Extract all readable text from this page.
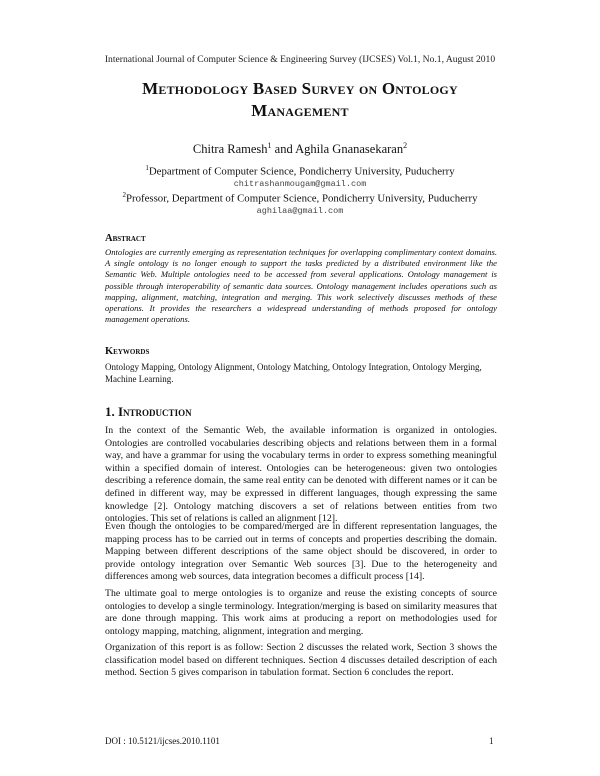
International Journal of Computer Science & Engineering Survey (IJCSES) Vol.1, No.1, August 2010
Methodology Based Survey on Ontology
Management
Chitra Ramesh$^1$ and Aghila Gnanasekaran$^2$
$^1$Department of Computer Science, Pondicherry University, Puducherry
chitrashanmougam@gmail.com
$^2$Professor, Department of Computer Science, Pondicherry University, Puducherry
aghilaa@gmail.com
Abstract
Ontologies are currently emerging as representation techniques for overlapping complimentary context domains. A single ontology is no longer enough to support the tasks predicted by a distributed environment like the Semantic Web. Multiple ontologies need to be accessed from several applications. Ontology management is possible through interoperability of semantic data sources. Ontology management includes operations such as mapping, alignment, matching, integration and merging. This work selectively discusses methods of these operations. It provides the researchers a widespread understanding of methods proposed for ontology management operations.
Keywords
Ontology Mapping, Ontology Alignment, Ontology Matching, Ontology Integration, Ontology Merging, Machine Learning.
1. Introduction

In the context of the Semantic Web, the available information is organized in ontologies. Ontologies are controlled vocabularies describing objects and relations between them in a formal way, and have a grammar for using the vocabulary terms in order to express something meaningful within a specified domain of interest. Ontologies can be heterogeneous: given two ontologies describing a reference domain, the same real entity can be denoted with different names or it can be defined in different way, may be expressed in different languages, though expressing the same knowledge [2]. Ontology matching discovers a set of relations between entities from two ontologies. This set of relations is called an alignment [12].

Even though the ontologies to be compared/merged are in different representation languages, the mapping process has to be carried out in terms of concepts and properties describing the domain. Mapping between different descriptions of the same object should be discovered, in order to provide ontology integration over Semantic Web sources [3]. Due to the heterogeneity and differences among web sources, data integration becomes a difficult process [14].

The ultimate goal to merge ontologies is to organize and reuse the existing concepts of source ontologies to develop a single terminology. Integration/merging is based on similarity measures that are done through mapping. This work aims at producing a report on methodologies used for ontology mapping, matching, alignment, integration and merging.

Organization of this report is as follow: Section 2 discusses the related work, Section 3 shows the classification model based on different techniques. Section 4 discusses detailed description of each method. Section 5 gives comparison in tabulation format. Section 6 concludes the report.

DOI : 10.5121/ijcses.2010.1101	1
